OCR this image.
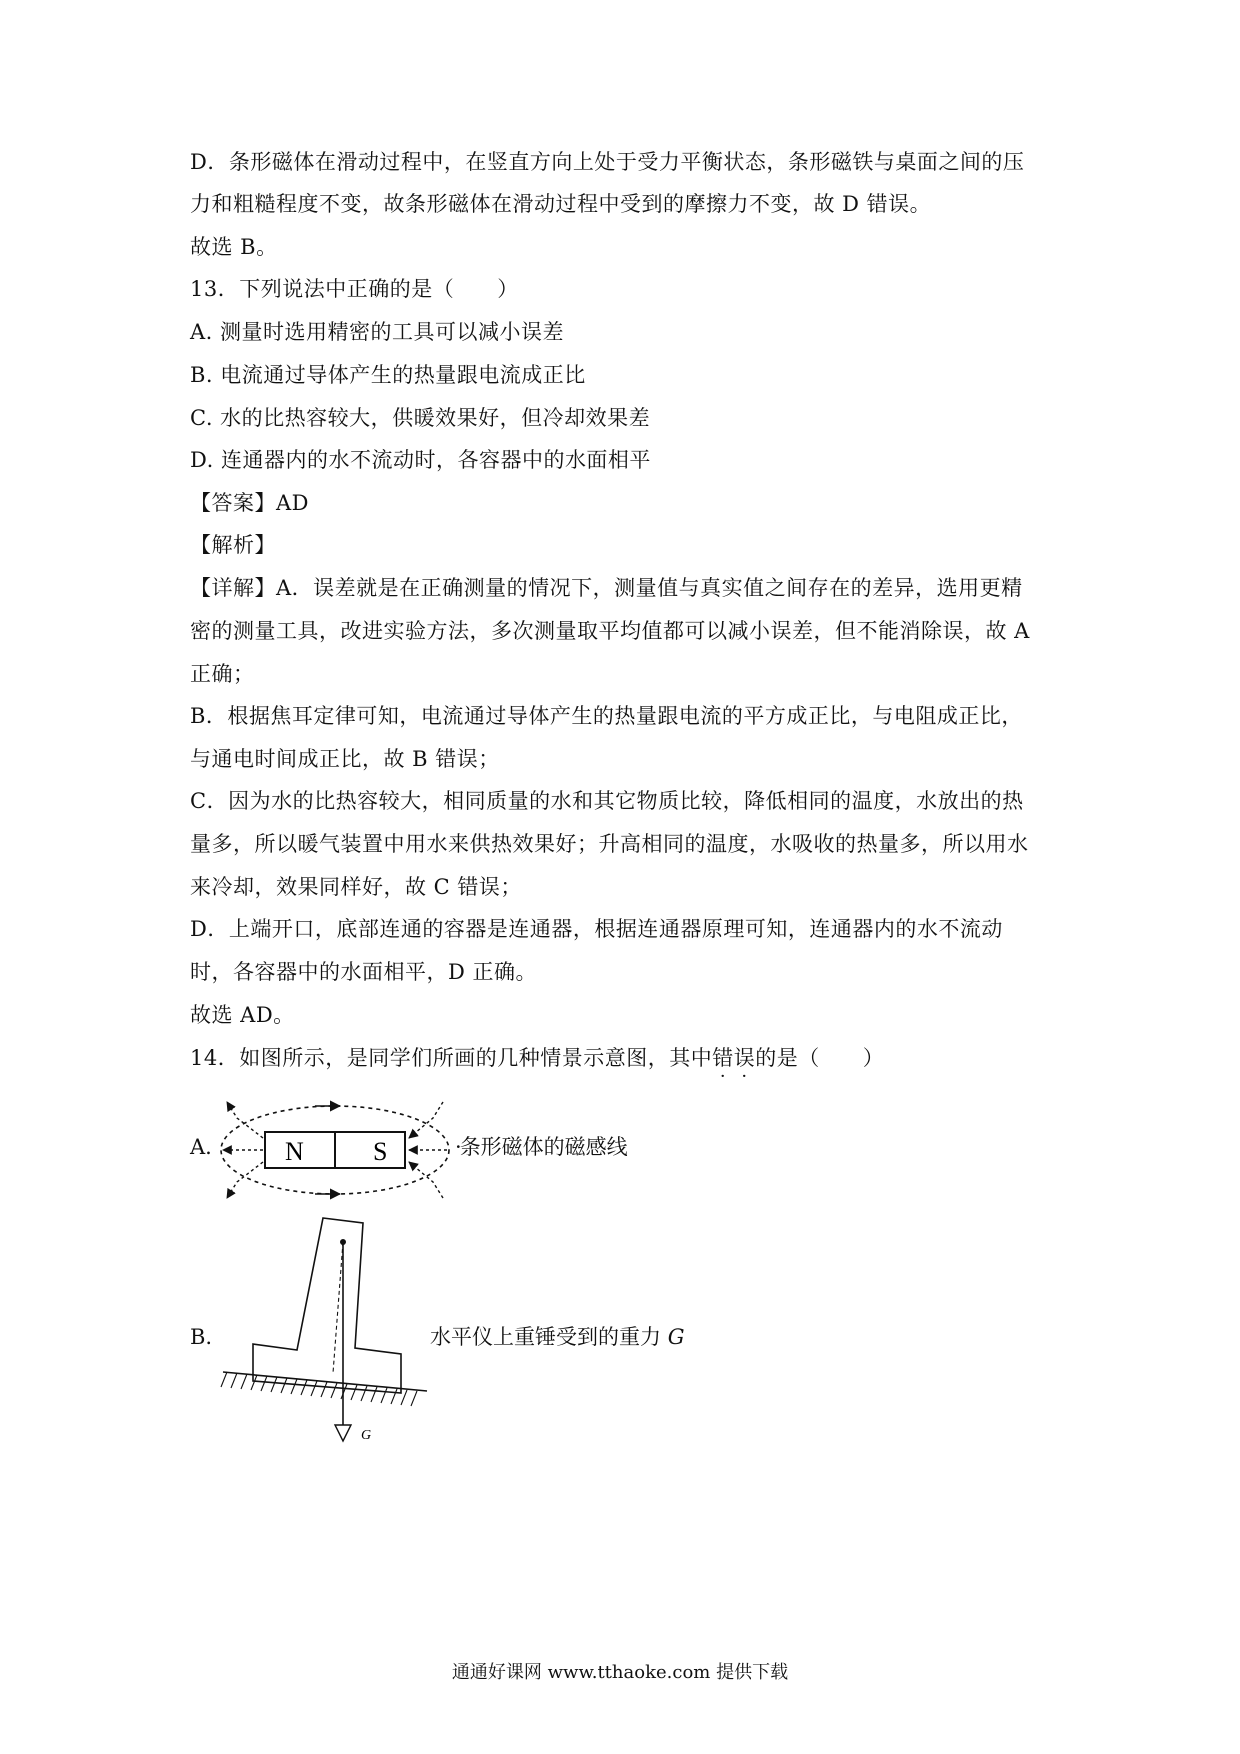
D．条形磁体在滑动过程中，在竖直方向上处于受力平衡状态，条形磁铁与桌面之间的压
力和粗糙程度不变，故条形磁体在滑动过程中受到的摩擦力不变，故 D 错误。
故选 B。
13．下列说法中正确的是（　　）
A. 测量时选用精密的工具可以减小误差
B. 电流通过导体产生的热量跟电流成正比
C. 水的比热容较大，供暖效果好，但冷却效果差
D. 连通器内的水不流动时，各容器中的水面相平
【答案】AD
【解析】
【详解】A．误差就是在正确测量的情况下，测量值与真实值之间存在的差异，选用更精
密的测量工具，改进实验方法，多次测量取平均值都可以减小误差，但不能消除误，故 A
正确；
B．根据焦耳定律可知，电流通过导体产生的热量跟电流的平方成正比，与电阻成正比，
与通电时间成正比，故 B 错误；
C．因为水的比热容较大，相同质量的水和其它物质比较，降低相同的温度，水放出的热
量多，所以暖气装置中用水来供热效果好；升高相同的温度，水吸收的热量多，所以用水
来冷却，效果同样好，故 C 错误；
D．上端开口，底部连通的容器是连通器，根据连通器原理可知，连通器内的水不流动
时，各容器中的水面相平，D 正确。
故选 AD。
14．如图所示，是同学们所画的几种情景示意图，其中错误的是（　　）
A.	N	S	·条形磁体的磁感线
B.
G
水平仪上重锤受到的重力 G
通通好课网 www.tthaoke.com 提供下载
